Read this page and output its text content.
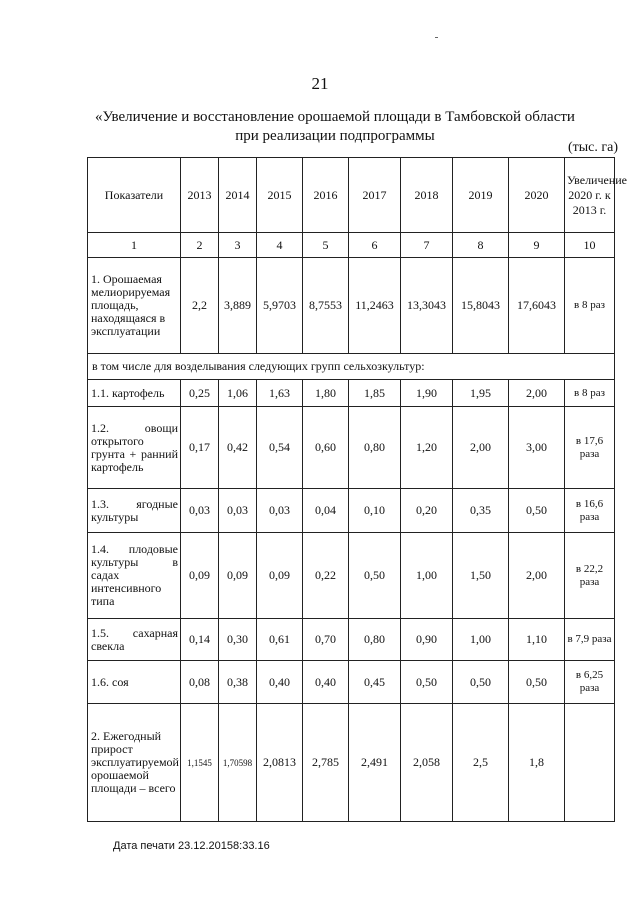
21
«Увеличение и восстановление орошаемой площади в Тамбовской области
при реализации подпрограммы
(тыс. га)
Показатели	2013	2014	2015	2016	2017	2018	2019	2020	Увеличение 2020 г. к 2013 г.
1	2	3	4	5	6	7	8	9	10
1. Орошаемая мелиорируемая площадь, находящаяся в эксплуатации	2,2	3,889	5,9703	8,7553	11,2463	13,3043	15,8043	17,6043	в 8 раз
в том числе для возделывания следующих групп сельхозкультур:									
1.1. картофель	0,25	1,06	1,63	1,80	1,85	1,90	1,95	2,00	в 8 раз
1.2. овощи открытого грунта + ранний картофель	0,17	0,42	0,54	0,60	0,80	1,20	2,00	3,00	в 17,6 раза
1.3. ягодные культуры	0,03	0,03	0,03	0,04	0,10	0,20	0,35	0,50	в 16,6 раза
1.4. плодовые культуры в садах интенсивного типа	0,09	0,09	0,09	0,22	0,50	1,00	1,50	2,00	в 22,2 раза
1.5. сахарная свекла	0,14	0,30	0,61	0,70	0,80	0,90	1,00	1,10	в 7,9 раза
1.6. соя	0,08	0,38	0,40	0,40	0,45	0,50	0,50	0,50	в 6,25 раза
2. Ежегодный прирост эксплуатируемой орошаемой площади – всего	1,1545	1,70598	2,0813	2,785	2,491	2,058	2,5	1,8	
Дата печати 23.12.20158:33.16
